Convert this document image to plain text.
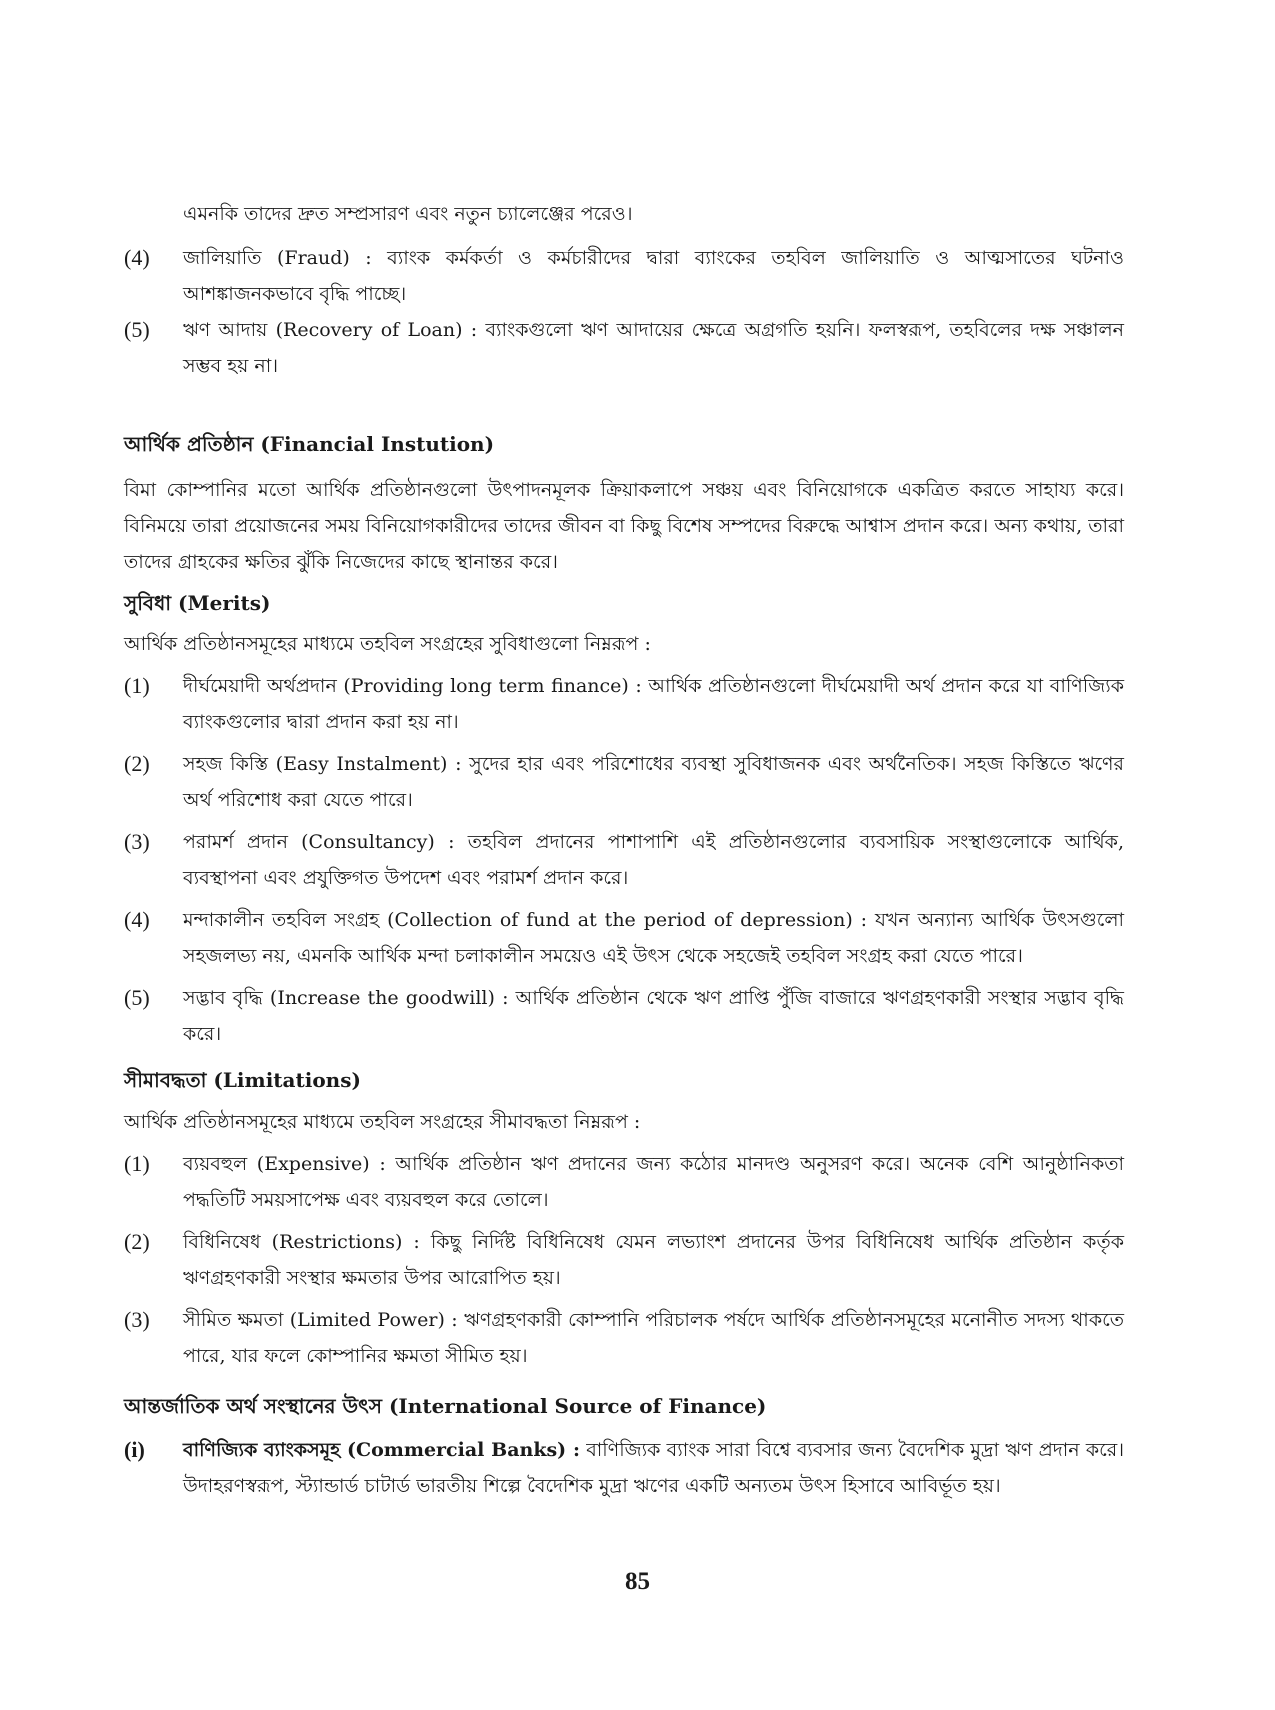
এমনকি তাদের দ্রুত সম্প্রসারণ এবং নতুন চ্যালেঞ্জের পরেও।
(4)	জালিয়াতি (Fraud) : ব্যাংক কর্মকর্তা ও কর্মচারীদের দ্বারা ব্যাংকের তহবিল জালিয়াতি ও আত্মসাতের ঘটনাও আশঙ্কাজনকভাবে বৃদ্ধি পাচ্ছে।
(5)	ঋণ আদায় (Recovery of Loan) : ব্যাংকগুলো ঋণ আদায়ের ক্ষেত্রে অগ্রগতি হয়নি। ফলস্বরূপ, তহবিলের দক্ষ সঞ্চালন সম্ভব হয় না।
আর্থিক প্রতিষ্ঠান (Financial Instution)
বিমা কোম্পানির মতো আর্থিক প্রতিষ্ঠানগুলো উৎপাদনমূলক ক্রিয়াকলাপে সঞ্চয় এবং বিনিয়োগকে একত্রিত করতে সাহায্য করে। বিনিময়ে তারা প্রয়োজনের সময় বিনিয়োগকারীদের তাদের জীবন বা কিছু বিশেষ সম্পদের বিরুদ্ধে আশ্বাস প্রদান করে। অন্য কথায়, তারা তাদের গ্রাহকের ক্ষতির ঝুঁকি নিজেদের কাছে স্থানান্তর করে।
সুবিধা (Merits)
আর্থিক প্রতিষ্ঠানসমূহের মাধ্যমে তহবিল সংগ্রহের সুবিধাগুলো নিম্নরূপ :
(1)	দীর্ঘমেয়াদী অর্থপ্রদান (Providing long term finance) : আর্থিক প্রতিষ্ঠানগুলো দীর্ঘমেয়াদী অর্থ প্রদান করে যা বাণিজ্যিক ব্যাংকগুলোর দ্বারা প্রদান করা হয় না।
(2)	সহজ কিস্তি (Easy Instalment) : সুদের হার এবং পরিশোধের ব্যবস্থা সুবিধাজনক এবং অর্থনৈতিক। সহজ কিস্তিতে ঋণের অর্থ পরিশোধ করা যেতে পারে।
(3)	পরামর্শ প্রদান (Consultancy) : তহবিল প্রদানের পাশাপাশি এই প্রতিষ্ঠানগুলোর ব্যবসায়িক সংস্থাগুলোকে আর্থিক, ব্যবস্থাপনা এবং প্রযুক্তিগত উপদেশ এবং পরামর্শ প্রদান করে।
(4)	মন্দাকালীন তহবিল সংগ্রহ (Collection of fund at the period of depression) : যখন অন্যান্য আর্থিক উৎসগুলো সহজলভ্য নয়, এমনকি আর্থিক মন্দা চলাকালীন সময়েও এই উৎস থেকে সহজেই তহবিল সংগ্রহ করা যেতে পারে।
(5)	সদ্ভাব বৃদ্ধি (Increase the goodwill) : আর্থিক প্রতিষ্ঠান থেকে ঋণ প্রাপ্তি পুঁজি বাজারে ঋণগ্রহণকারী সংস্থার সদ্ভাব বৃদ্ধি করে।
সীমাবদ্ধতা (Limitations)
আর্থিক প্রতিষ্ঠানসমূহের মাধ্যমে তহবিল সংগ্রহের সীমাবদ্ধতা নিম্নরূপ :
(1)	ব্যয়বহুল (Expensive) : আর্থিক প্রতিষ্ঠান ঋণ প্রদানের জন্য কঠোর মানদণ্ড অনুসরণ করে। অনেক বেশি আনুষ্ঠানিকতা পদ্ধতিটি সময়সাপেক্ষ এবং ব্যয়বহুল করে তোলে।
(2)	বিধিনিষেধ (Restrictions) : কিছু নির্দিষ্ট বিধিনিষেধ যেমন লভ্যাংশ প্রদানের উপর বিধিনিষেধ আর্থিক প্রতিষ্ঠান কর্তৃক ঋণগ্রহণকারী সংস্থার ক্ষমতার উপর আরোপিত হয়।
(3)	সীমিত ক্ষমতা (Limited Power) : ঋণগ্রহণকারী কোম্পানি পরিচালক পর্ষদে আর্থিক প্রতিষ্ঠানসমূহের মনোনীত সদস্য থাকতে পারে, যার ফলে কোম্পানির ক্ষমতা সীমিত হয়।
আন্তর্জাতিক অর্থ সংস্থানের উৎস (International Source of Finance)
(i)	বাণিজ্যিক ব্যাংকসমূহ (Commercial Banks) : বাণিজ্যিক ব্যাংক সারা বিশ্বে ব্যবসার জন্য বৈদেশিক মুদ্রা ঋণ প্রদান করে। উদাহরণস্বরূপ, স্ট্যান্ডার্ড চাটার্ড ভারতীয় শিল্পে বৈদেশিক মুদ্রা ঋণের একটি অন্যতম উৎস হিসাবে আবির্ভূত হয়।
85
